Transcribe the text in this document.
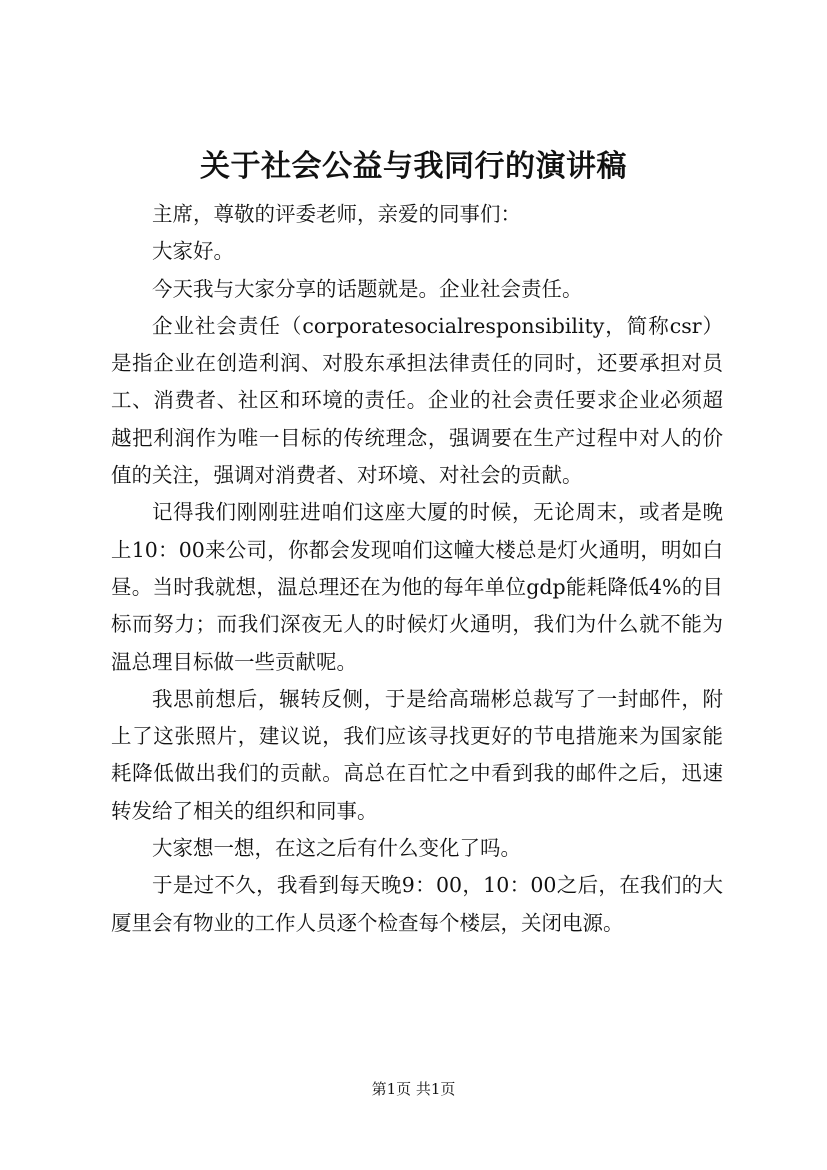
关于社会公益与我同行的演讲稿

主席，尊敬的评委老师，亲爱的同事们：

大家好。

今天我与大家分享的话题就是。企业社会责任。

企业社会责任（corporatesocialresponsibility，简称csr）是指企业在创造利润、对股东承担法律责任的同时，还要承担对员工、消费者、社区和环境的责任。企业的社会责任要求企业必须超越把利润作为唯一目标的传统理念，强调要在生产过程中对人的价值的关注，强调对消费者、对环境、对社会的贡献。

记得我们刚刚驻进咱们这座大厦的时候，无论周末，或者是晚上10：00来公司，你都会发现咱们这幢大楼总是灯火通明，明如白昼。当时我就想，温总理还在为他的每年单位gdp能耗降低4%的目标而努力；而我们深夜无人的时候灯火通明，我们为什么就不能为温总理目标做一些贡献呢。

我思前想后，辗转反侧，于是给高瑞彬总裁写了一封邮件，附上了这张照片，建议说，我们应该寻找更好的节电措施来为国家能耗降低做出我们的贡献。高总在百忙之中看到我的邮件之后，迅速转发给了相关的组织和同事。

大家想一想，在这之后有什么变化了吗。

于是过不久，我看到每天晚9：00，10：00之后，在我们的大厦里会有物业的工作人员逐个检查每个楼层，关闭电源。

第1页 共1页
